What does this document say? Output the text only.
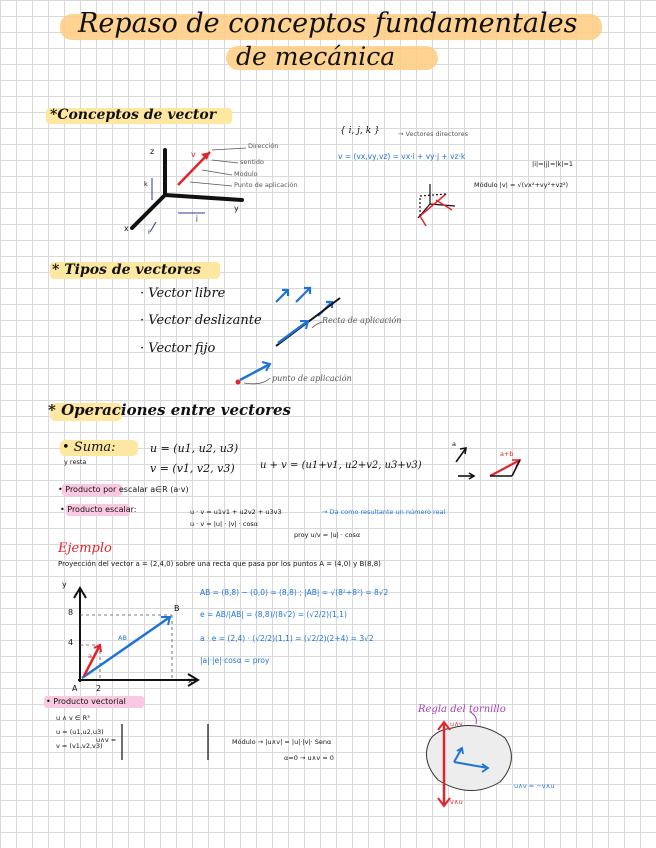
Repaso de conceptos fundamentales
de mecánica
*Conceptos de vector
Dirección
sentido
Modulo
Punto de aplicación
v
z
y
x
k
j
i
{ i, j, k }	→ Vectores directores
v = (vx,vy,vz) = vx·i + vy·j + vz·k
|i|=|j|=|k|=1
Módulo |v| = √(vx²+vy²+vz²)
* Tipos de vectores
· Vector libre
· Vector deslizante
· Vector fijo
Recta de aplicación
punto de aplicación
* Operaciones entre vectores
• Suma:
y resta
u = (u1, u2, u3)
v = (v1, v2, v3)	u + v = (u1+v1, u2+v2, u3+v3)
a
a+b
• Producto por escalar a∈R (a·v)
• Producto escalar:	u · v = u1v1 + u2v2 + u3v3	→ Da como resultante un número real
u · v = |u| · |v| · cosα
proy u/v = |u| · cosα
Ejemplo
Proyección del vector a = (2,4,0) sobre una recta que pasa por los puntos A = (4,0) y B(8,8)
AB = (8,8) − (0,0) = (8,8) ; |AB| = √(8²+8²) = 8√2
e = AB/|AB| = (8,8)/(8√2) = (√2/2)(1,1)
a · e = (2,4) · (√2/2)(1,1) = (√2/2)(2+4) = 3√2
|a|·|e|·cosα = proy
y
x
8
4
2
A
B
AB
a
• Producto vectorial
u ∧ v ∈ R³
u = (u1,u2,u3)
v = (v1,v2,v3)
u∧v =	Módulo → |u∧v| = |u|·|v|· Senα
α=0 → u∧v = 0
Regla del tornillo
u∧v
v∧u
u∧v = −v∧u
